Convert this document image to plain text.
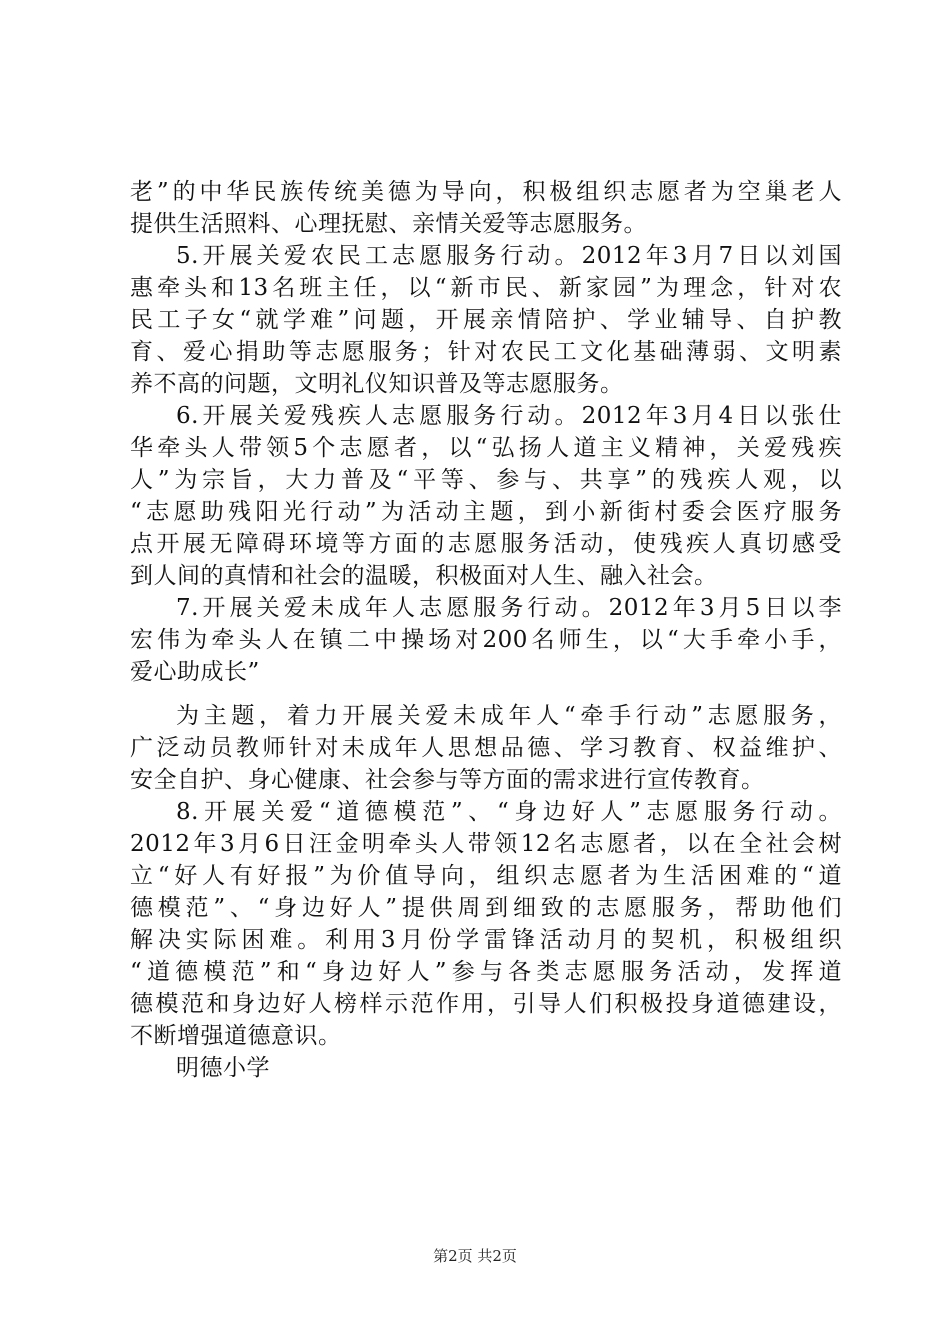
老”的中华民族传统美德为导向，积极组织志愿者为空巢老人
提供生活照料、心理抚慰、亲情关爱等志愿服务。
5.开展关爱农民工志愿服务行动。2012年3月7日以刘国
惠牵头和13名班主任，以“新市民、新家园”为理念，针对农
民工子女“就学难”问题，开展亲情陪护、学业辅导、自护教
育、爱心捐助等志愿服务；针对农民工文化基础薄弱、文明素
养不高的问题，文明礼仪知识普及等志愿服务。
6.开展关爱残疾人志愿服务行动。2012年3月4日以张仕
华牵头人带领5个志愿者，以“弘扬人道主义精神，关爱残疾
人”为宗旨，大力普及“平等、参与、共享”的残疾人观，以
“志愿助残阳光行动”为活动主题，到小新街村委会医疗服务
点开展无障碍环境等方面的志愿服务活动，使残疾人真切感受
到人间的真情和社会的温暖，积极面对人生、融入社会。
7.开展关爱未成年人志愿服务行动。2012年3月5日以李
宏伟为牵头人在镇二中操场对200名师生，以“大手牵小手，
爱心助成长”
为主题，着力开展关爱未成年人“牵手行动”志愿服务，
广泛动员教师针对未成年人思想品德、学习教育、权益维护、
安全自护、身心健康、社会参与等方面的需求进行宣传教育。
8.开展关爱“道德模范”、“身边好人”志愿服务行动。
2012年3月6日汪金明牵头人带领12名志愿者，以在全社会树
立“好人有好报”为价值导向，组织志愿者为生活困难的“道
德模范”、“身边好人”提供周到细致的志愿服务，帮助他们
解决实际困难。利用3月份学雷锋活动月的契机，积极组织
“道德模范”和“身边好人”参与各类志愿服务活动，发挥道
德模范和身边好人榜样示范作用，引导人们积极投身道德建设，
不断增强道德意识。
明德小学
第2页 共2页
